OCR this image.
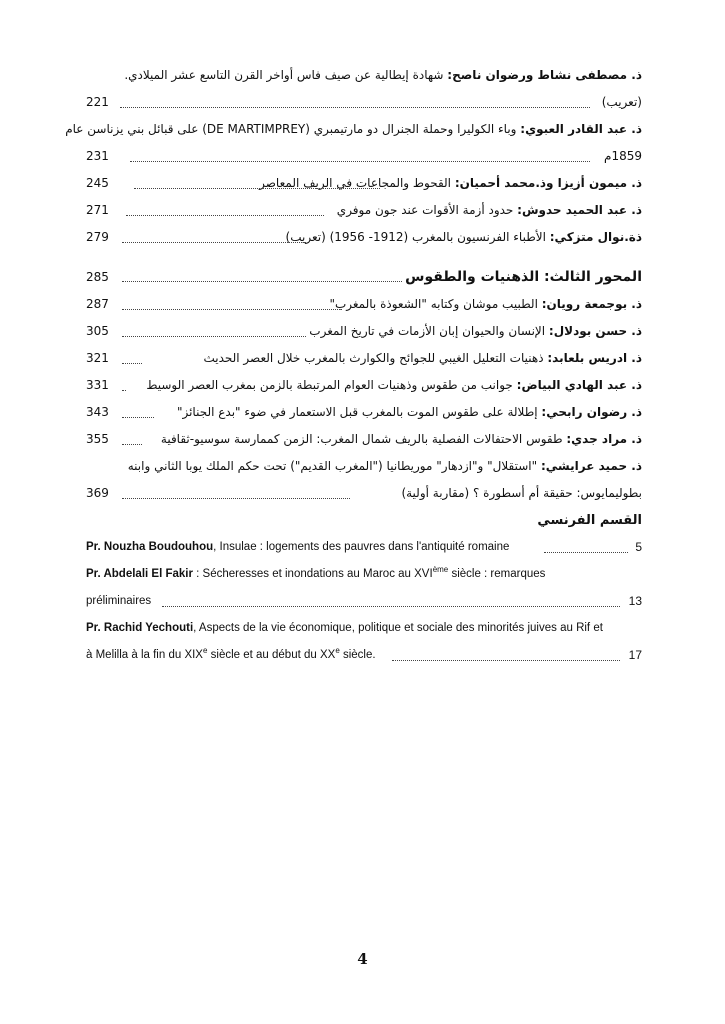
ذ. مصطفى نشاط ورضوان ناصح: شهادة إيطالية عن صيف فاس أواخر القرن التاسع عشر الميلادي.
(تعريب)
221
ذ. عبد القادر العبوي: وباء الكوليرا وحملة الجنرال دو مارتيمبري (DE MARTIMPREY) على قبائل بني يزناسن عام
1859م
231
ذ. ميمون أزيزا وذ.محمد أحميان: القحوط والمجاعات في الريف المعاصر
245
ذ. عبد الحميد حدوش: حدود أزمة الأقوات عند جون موفري
271
ذة.نوال متزكي: الأطباء الفرنسيون بالمغرب (1912- 1956) (تعريب)
279
المحور الثالث: الذهنيات والطقوس
285
ذ. بوجمعة رويان: الطبيب موشان وكتابه "الشعوذة بالمغرب"
287
ذ. حسن بودلال: الإنسان والحيوان إبان الأزمات في تاريخ المغرب
305
ذ. ادريس بلعابد: ذهنيات التعليل الغيبي للجوائح والكوارث بالمغرب خلال العصر الحديث
321
ذ. عبد الهادي البياض: جوانب من طقوس وذهنيات العوام المرتبطة بالزمن بمغرب العصر الوسيط
331
ذ. رضوان رابحي: إطلالة على طقوس الموت بالمغرب قبل الاستعمار في ضوء "بدع الجنائز"
343
ذ. مراد جدي: طقوس الاحتفالات الفصلية بالريف شمال المغرب: الزمن كممارسة سوسيو-ثقافية
355
ذ. حميد عرايشي: "استقلال" و"ازدهار" موريطانيا ("المغرب القديم") تحت حكم الملك يوبا الثاني وابنه
بطوليمايوس: حقيقة أم أسطورة ؟ (مقاربة أولية)
369
القسم الفرنسي
Pr. Nouzha Boudouhou, Insulae : logements des pauvres dans l'antiquité romaine	5
Pr. Abdelali El Fakir : Sécheresses et inondations au Maroc au XVIème siècle : remarques
préliminaires	13
Pr. Rachid Yechouti, Aspects de la vie économique, politique et sociale des minorités juives au Rif et
à Melilla à la fin du XIXe siècle et au début du XXe siècle.	17
4
